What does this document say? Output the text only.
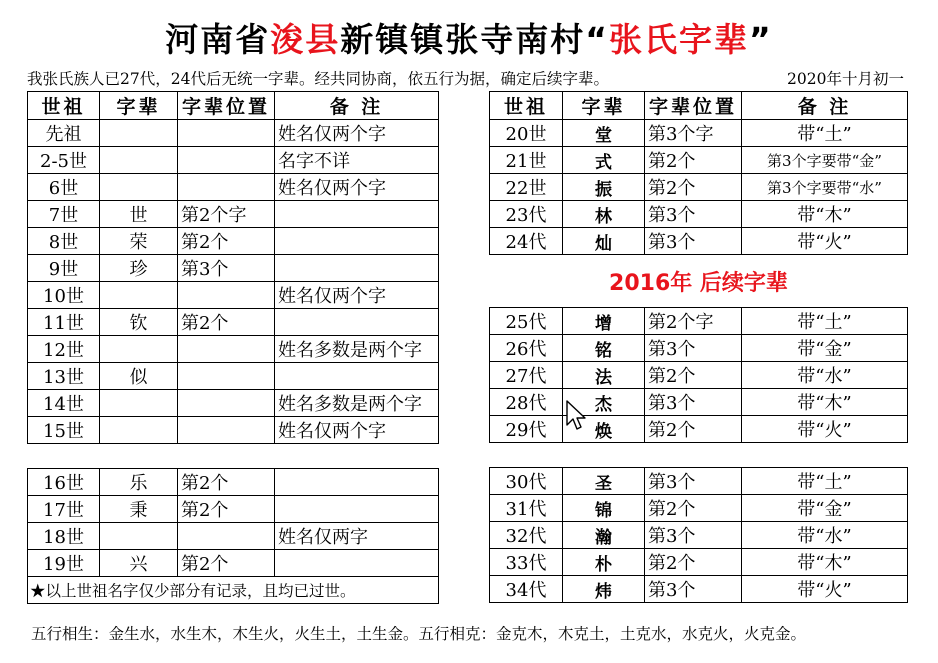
河南省浚县新镇镇张寺南村“张氏字辈”
我张氏族人已27代，24代后无统一字辈。经共同协商，依五行为据，确定后续字辈。	2020年十月初一
世祖	字辈	字辈位置	备 注
先祖			姓名仅两个字
2-5世			名字不详
6世			姓名仅两个字
7世	世	第2个字	
8世	荣	第2个	
9世	珍	第3个	
10世			姓名仅两个字
11世	钦	第2个	
12世			姓名多数是两个字
13世	似		
14世			姓名多数是两个字
15世			姓名仅两个字

16世	乐	第2个	
17世	秉	第2个	
18世			姓名仅两字
19世	兴	第2个	
★以上世祖名字仅少部分有记录，且均已过世。			
世祖	字辈	字辈位置	备 注
20世	堂	第3个字	带“土”
21世	式	第2个	第3个字要带“金”
22世	振	第2个	第3个字要带“水”
23代	林	第3个	带“木”
24代	灿	第3个	带“火”
2016年 后续字辈			
25代	增	第2个字	带“土”
26代	铭	第3个	带“金”
27代	法	第2个	带“水”
28代	杰	第3个	带“木”
29代	焕	第2个	带“火”

30代	圣	第3个	带“土”
31代	锦	第2个	带“金”
32代	瀚	第3个	带“水”
33代	朴	第2个	带“木”
34代	炜	第3个	带“火”
五行相生：金生水，水生木，木生火，火生土，土生金。五行相克：金克木，木克土，土克水，水克火，火克金。
